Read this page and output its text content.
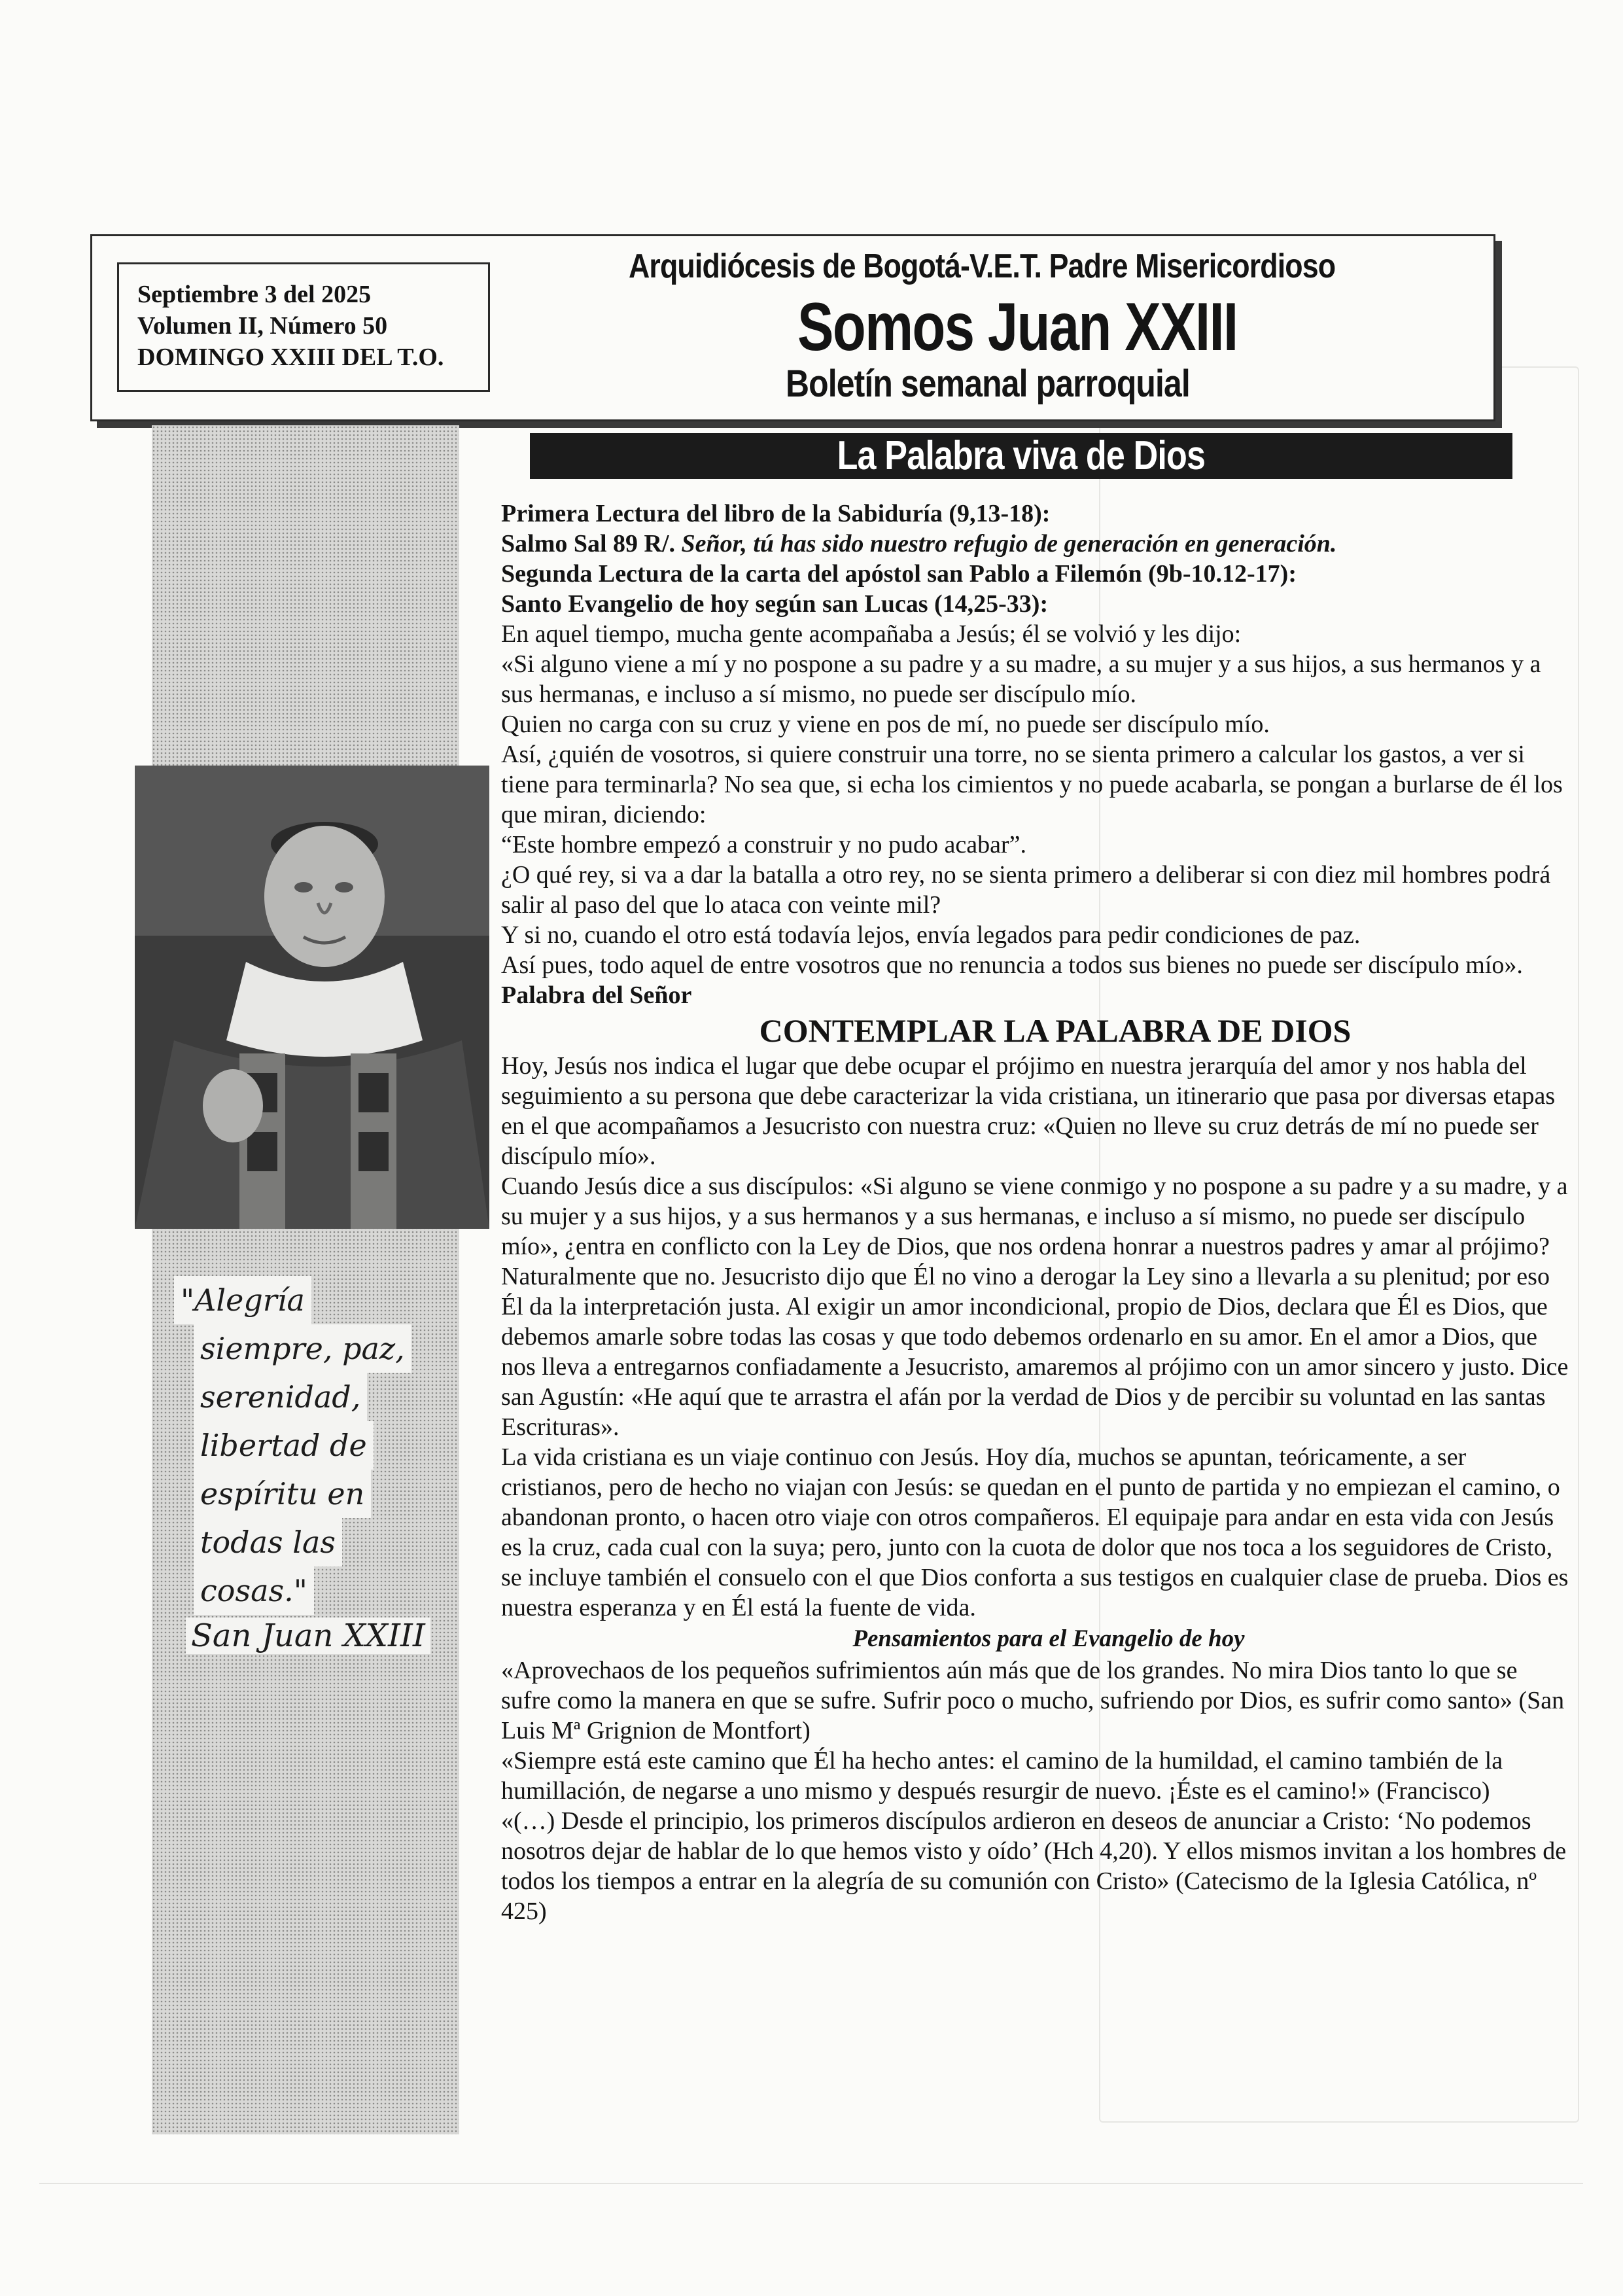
Septiembre 3 del 2025
Volumen II, Número 50
DOMINGO XXIII DEL T.O.
Arquidiócesis de Bogotá-V.E.T. Padre Misericordioso
Somos Juan XXIII
Boletín semanal parroquial
"Alegría
siempre, paz,
serenidad,
libertad de
espíritu en
todas las
cosas."
San Juan XXIII
La Palabra viva de Dios

Primera Lectura del libro de la Sabiduría (9,13-18):

Salmo Sal 89 R/. Señor, tú has sido nuestro refugio de generación en generación.

Segunda Lectura de la carta del apóstol san Pablo a Filemón (9b-10.12-17):

Santo Evangelio de hoy según san Lucas (14,25-33):

En aquel tiempo, mucha gente acompañaba a Jesús; él se volvió y les dijo:

«Si alguno viene a mí y no pospone a su padre y a su madre, a su mujer y a sus hijos, a sus hermanos y a sus hermanas, e incluso a sí mismo, no puede ser discípulo mío.

Quien no carga con su cruz y viene en pos de mí, no puede ser discípulo mío.

Así, ¿quién de vosotros, si quiere construir una torre, no se sienta primero a calcular los gastos, a ver si tiene para terminarla? No sea que, si echa los cimientos y no puede acabarla, se pongan a burlarse de él los que miran, diciendo:

“Este hombre empezó a construir y no pudo acabar”.

¿O qué rey, si va a dar la batalla a otro rey, no se sienta primero a deliberar si con diez mil hombres podrá salir al paso del que lo ataca con veinte mil?

Y si no, cuando el otro está todavía lejos, envía legados para pedir condiciones de paz.

Así pues, todo aquel de entre vosotros que no renuncia a todos sus bienes no puede ser discípulo mío».

Palabra del Señor

CONTEMPLAR LA PALABRA DE DIOS

Hoy, Jesús nos indica el lugar que debe ocupar el prójimo en nuestra jerarquía del amor y nos habla del seguimiento a su persona que debe caracterizar la vida cristiana, un itinerario que pasa por diversas etapas en el que acompañamos a Jesucristo con nuestra cruz: «Quien no lleve su cruz detrás de mí no puede ser discípulo mío».

Cuando Jesús dice a sus discípulos: «Si alguno se viene conmigo y no pospone a su padre y a su madre, y a su mujer y a sus hijos, y a sus hermanos y a sus hermanas, e incluso a sí mismo, no puede ser discípulo mío», ¿entra en conflicto con la Ley de Dios, que nos ordena honrar a nuestros padres y amar al prójimo? Naturalmente que no. Jesucristo dijo que Él no vino a derogar la Ley sino a llevarla a su plenitud; por eso Él da la interpretación justa. Al exigir un amor incondicional, propio de Dios, declara que Él es Dios, que debemos amarle sobre todas las cosas y que todo debemos ordenarlo en su amor. En el amor a Dios, que nos lleva a entregarnos confiadamente a Jesucristo, amaremos al prójimo con un amor sincero y justo. Dice san Agustín: «He aquí que te arrastra el afán por la verdad de Dios y de percibir su voluntad en las santas Escrituras».

La vida cristiana es un viaje continuo con Jesús. Hoy día, muchos se apuntan, teóricamente, a ser cristianos, pero de hecho no viajan con Jesús: se quedan en el punto de partida y no empiezan el camino, o abandonan pronto, o hacen otro viaje con otros compañeros. El equipaje para andar en esta vida con Jesús es la cruz, cada cual con la suya; pero, junto con la cuota de dolor que nos toca a los seguidores de Cristo, se incluye también el consuelo con el que Dios conforta a sus testigos en cualquier clase de prueba. Dios es nuestra esperanza y en Él está la fuente de vida.

Pensamientos para el Evangelio de hoy

«Aprovechaos de los pequeños sufrimientos aún más que de los grandes. No mira Dios tanto lo que se sufre como la manera en que se sufre. Sufrir poco o mucho, sufriendo por Dios, es sufrir como santo» (San Luis Mª Grignion de Montfort)

«Siempre está este camino que Él ha hecho antes: el camino de la humildad, el camino también de la humillación, de negarse a uno mismo y después resurgir de nuevo. ¡Éste es el camino!» (Francisco)

«(…) Desde el principio, los primeros discípulos ardieron en deseos de anunciar a Cristo: ‘No podemos nosotros dejar de hablar de lo que hemos visto y oído’ (Hch 4,20). Y ellos mismos invitan a los hombres de todos los tiempos a entrar en la alegría de su comunión con Cristo» (Catecismo de la Iglesia Católica, nº 425)
